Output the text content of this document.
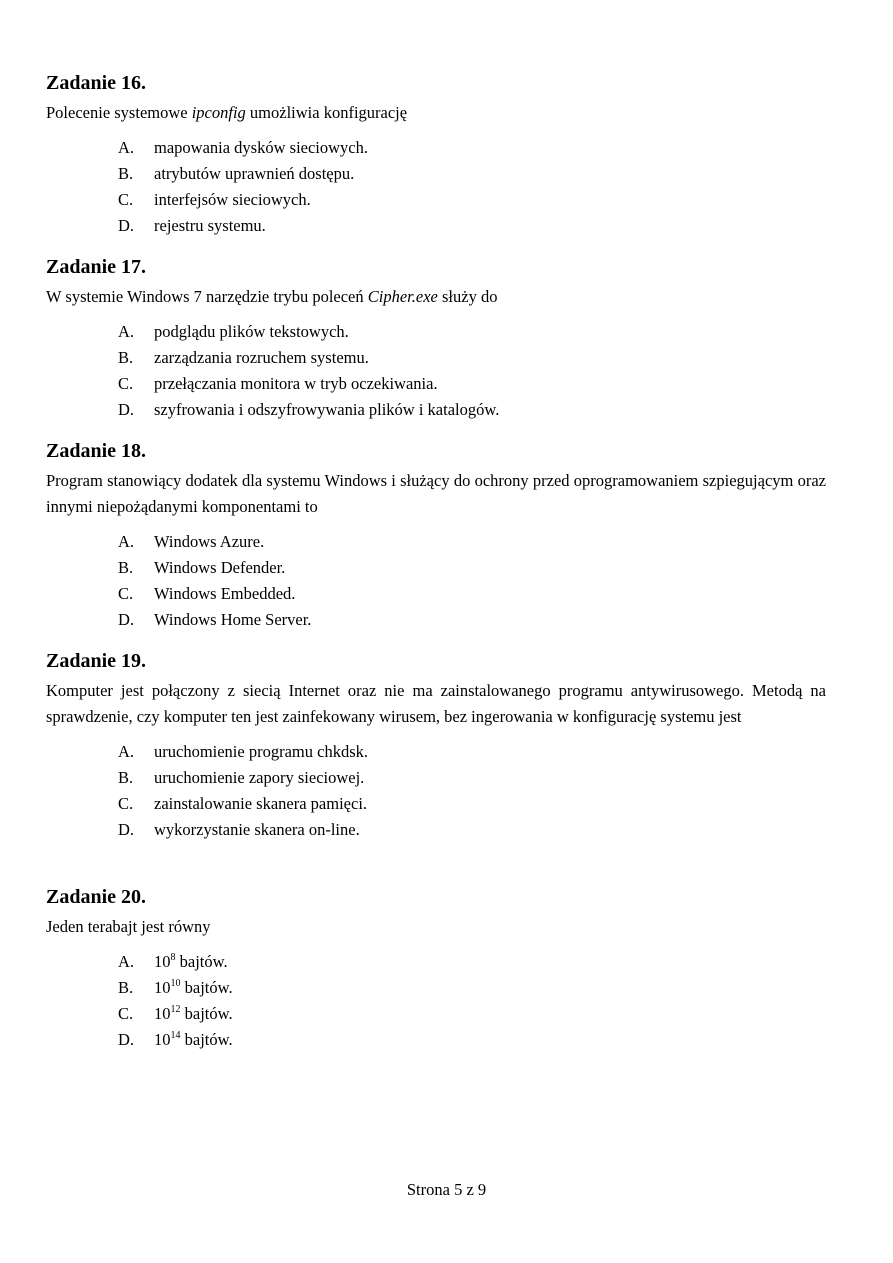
Zadanie 16.

Polecenie systemowe ipconfig umożliwia konfigurację

A. mapowania dysków sieciowych.
B. atrybutów uprawnień dostępu.
C. interfejsów sieciowych.
D. rejestru systemu.
Zadanie 17.

W systemie Windows 7 narzędzie trybu poleceń Cipher.exe służy do

A. podglądu plików tekstowych.
B. zarządzania rozruchem systemu.
C. przełączania monitora w tryb oczekiwania.
D. szyfrowania i odszyfrowywania plików i katalogów.
Zadanie 18.

Program stanowiący dodatek dla systemu Windows i służący do ochrony przed oprogramowaniem szpiegującym oraz innymi niepożądanymi komponentami to

A. Windows Azure.
B. Windows Defender.
C. Windows Embedded.
D. Windows Home Server.
Zadanie 19.

Komputer jest połączony z siecią Internet oraz nie ma zainstalowanego programu antywirusowego. Metodą na sprawdzenie, czy komputer ten jest zainfekowany wirusem, bez ingerowania w konfigurację systemu jest

A. uruchomienie programu chkdsk.
B. uruchomienie zapory sieciowej.
C. zainstalowanie skanera pamięci.
D. wykorzystanie skanera on-line.
Zadanie 20.

Jeden terabajt jest równy

A. $10^8$ bajtów.
B. $10^{10}$ bajtów.
C. $10^{12}$ bajtów.
D. $10^{14}$ bajtów.
Strona 5 z 9
